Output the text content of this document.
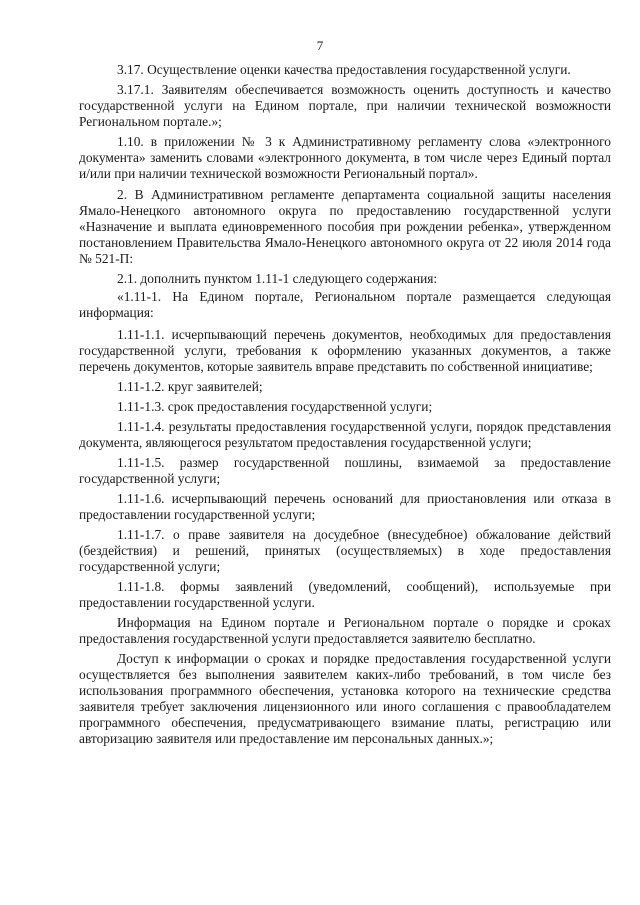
7

3.17. Осуществление оценки качества предоставления государственной услуги.

3.17.1. Заявителям обеспечивается возможность оценить доступность и качество государственной услуги на Едином портале, при наличии технической возможности Региональном портале.»;

1.10. в приложении № 3 к Административному регламенту слова «электронного документа» заменить словами «электронного документа, в том числе через Единый портал и/или при наличии технической возможности Региональный портал».

2. В Административном регламенте департамента социальной защиты населения Ямало-Ненецкого автономного округа по предоставлению государственной услуги «Назначение и выплата единовременного пособия при рождении ребенка», утвержденном постановлением Правительства Ямало-Ненецкого автономного округа от 22 июля 2014 года № 521-П:

2.1. дополнить пунктом 1.11-1 следующего содержания:

«1.11-1. На Едином портале, Региональном портале размещается следующая информация:

1.11-1.1. исчерпывающий перечень документов, необходимых для предоставления государственной услуги, требования к оформлению указанных документов, а также перечень документов, которые заявитель вправе представить по собственной инициативе;

1.11-1.2. круг заявителей;

1.11-1.3. срок предоставления государственной услуги;

1.11-1.4. результаты предоставления государственной услуги, порядок представления документа, являющегося результатом предоставления государственной услуги;

1.11-1.5. размер государственной пошлины, взимаемой за предоставление государственной услуги;

1.11-1.6. исчерпывающий перечень оснований для приостановления или отказа в предоставлении государственной услуги;

1.11-1.7. о праве заявителя на досудебное (внесудебное) обжалование действий (бездействия) и решений, принятых (осуществляемых) в ходе предоставления государственной услуги;

1.11-1.8. формы заявлений (уведомлений, сообщений), используемые при предоставлении государственной услуги.

Информация на Едином портале и Региональном портале о порядке и сроках предоставления государственной услуги предоставляется заявителю бесплатно.

Доступ к информации о сроках и порядке предоставления государственной услуги осуществляется без выполнения заявителем каких-либо требований, в том числе без использования программного обеспечения, установка которого на технические средства заявителя требует заключения лицензионного или иного соглашения с правообладателем программного обеспечения, предусматривающего взимание платы, регистрацию или авторизацию заявителя или предоставление им персональных данных.»;
